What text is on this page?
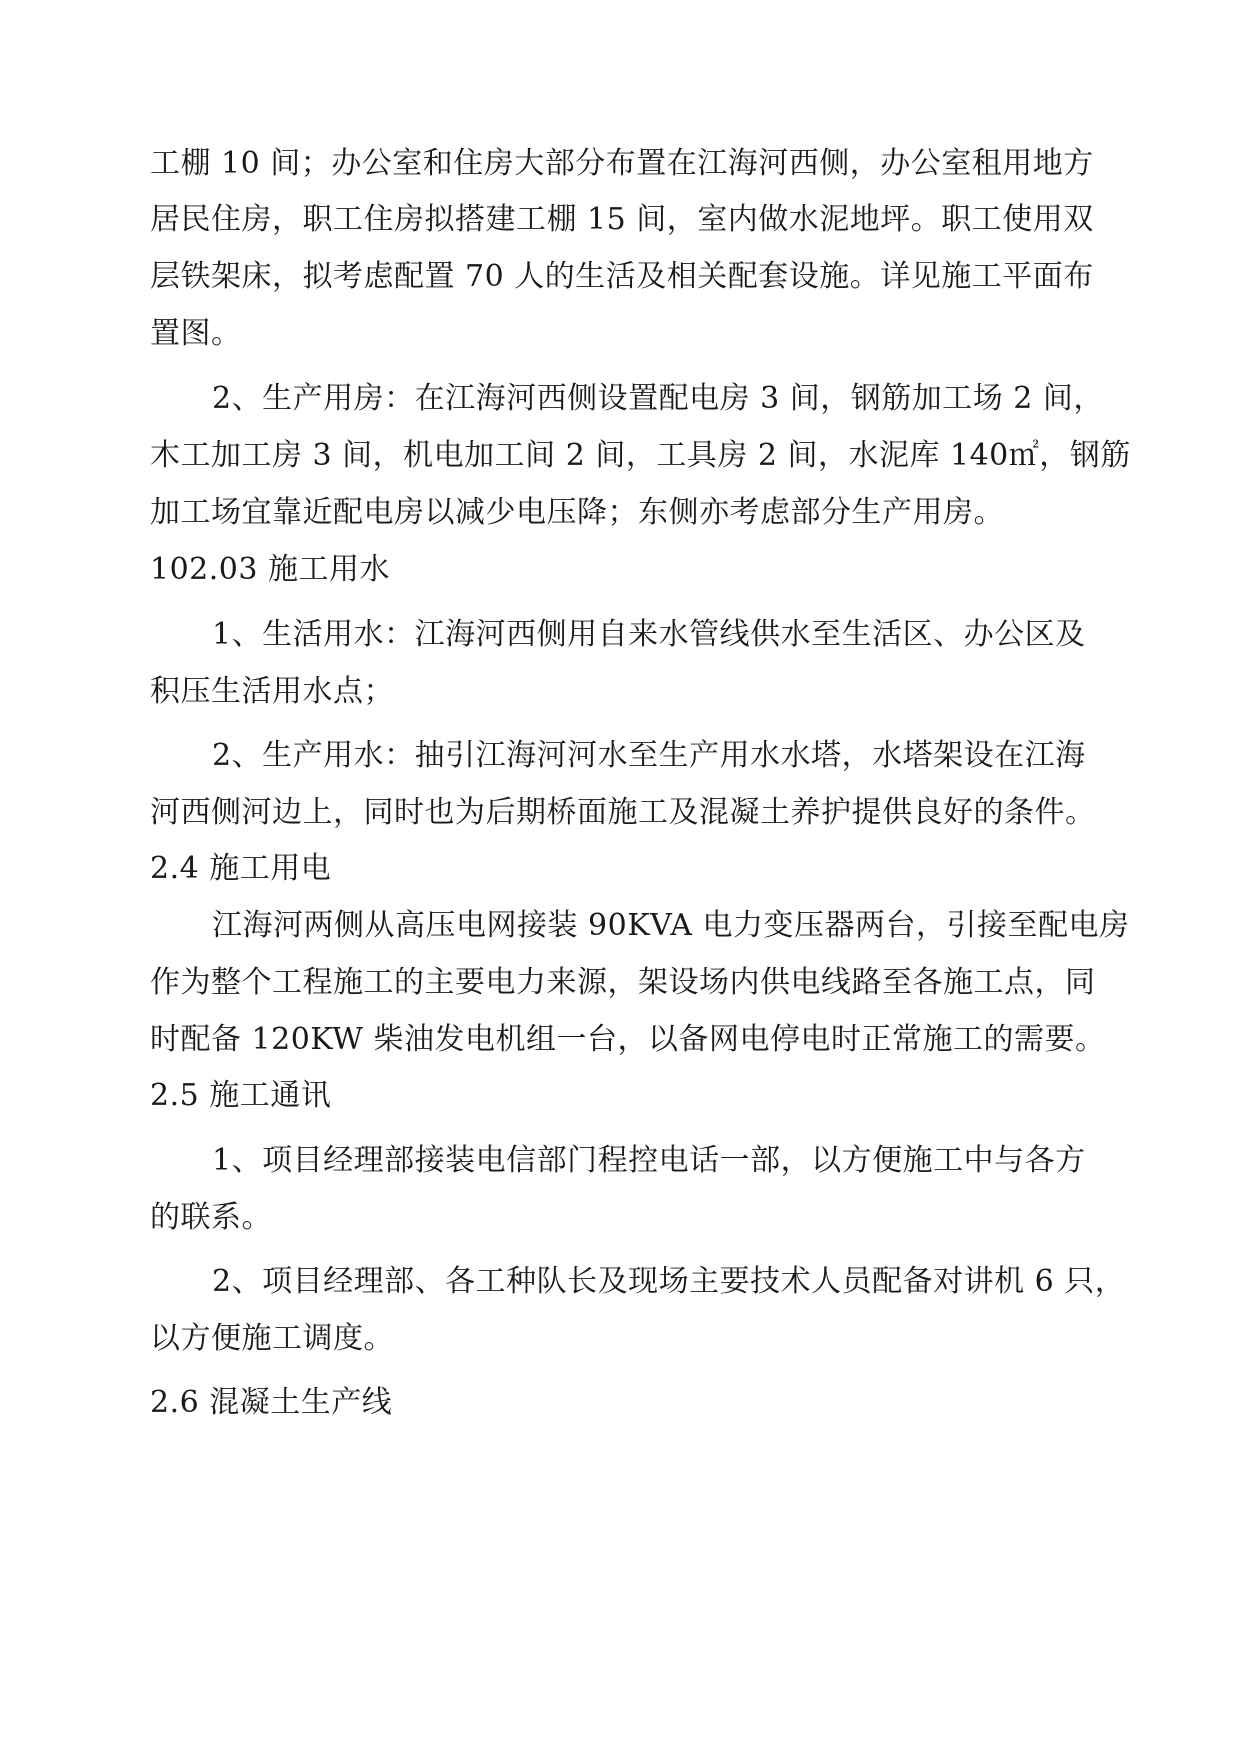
工棚 10 间；办公室和住房大部分布置在江海河西侧，办公室租用地方
居民住房，职工住房拟搭建工棚 15 间，室内做水泥地坪。职工使用双
层铁架床，拟考虑配置 70 人的生活及相关配套设施。详见施工平面布
置图。
2、生产用房：在江海河西侧设置配电房 3 间，钢筋加工场 2 间，
木工加工房 3 间，机电加工间 2 间，工具房 2 间，水泥库 140㎡，钢筋
加工场宜靠近配电房以减少电压降；东侧亦考虑部分生产用房。
102.03 施工用水
1、生活用水：江海河西侧用自来水管线供水至生活区、办公区及
积压生活用水点；
2、生产用水：抽引江海河河水至生产用水水塔，水塔架设在江海
河西侧河边上，同时也为后期桥面施工及混凝土养护提供良好的条件。
2.4 施工用电
江海河两侧从高压电网接装 90KVA 电力变压器两台，引接至配电房
作为整个工程施工的主要电力来源，架设场内供电线路至各施工点，同
时配备 120KW 柴油发电机组一台，以备网电停电时正常施工的需要。
2.5 施工通讯
1、项目经理部接装电信部门程控电话一部，以方便施工中与各方
的联系。
2、项目经理部、各工种队长及现场主要技术人员配备对讲机 6 只，
以方便施工调度。
2.6 混凝土生产线
